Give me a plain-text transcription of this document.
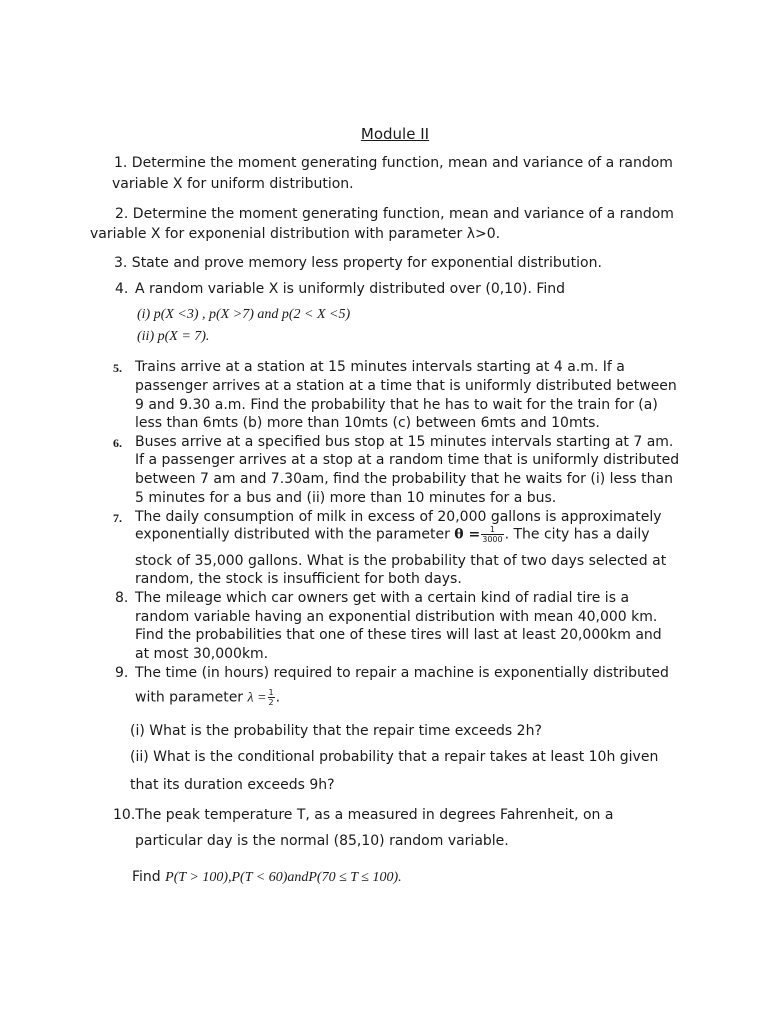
Module II
1. Determine the moment generating function, mean and variance of a random
variable X for uniform distribution.
2. Determine the moment generating function, mean and variance of a random
variable X for exponenial distribution with parameter λ>0.
3. State and prove memory less property for exponential distribution.
4. A random variable X is uniformly distributed over (0,10). Find
(i) p(X <3) , p(X >7) and p(2 < X <5)
(ii) p(X = 7).
5. Trains arrive at a station at 15 minutes intervals starting at 4 a.m. If a
passenger arrives at a station at a time that is uniformly distributed between
9 and 9.30 a.m. Find the probability that he has to wait for the train for (a)
less than 6mts (b) more than 10mts (c) between 6mts and 10mts.
6. Buses arrive at a specified bus stop at 15 minutes intervals starting at 7 am.
If a passenger arrives at a stop at a random time that is uniformly distributed
between 7 am and 7.30am, find the probability that he waits for (i) less than
5 minutes for a bus and (ii) more than 10 minutes for a bus.
7. The daily consumption of milk in excess of 20,000 gallons is approximately
exponentially distributed with the parameter $\theta = \frac{1}{3000}$ . The city has a daily
stock of 35,000 gallons. What is the probability that of two days selected at
random, the stock is insufficient for both days.
8. The mileage which car owners get with a certain kind of radial tire is a
random variable having an exponential distribution with mean 40,000 km.
Find the probabilities that one of these tires will last at least 20,000km and
at most 30,000km.
9. The time (in hours) required to repair a machine is exponentially distributed
with parameter $\lambda = \frac{1}{2}$ .
(i) What is the probability that the repair time exceeds 2h?
(ii) What is the conditional probability that a repair takes at least 10h given
that its duration exceeds 9h?
10.The peak temperature T, as a measured in degrees Fahrenheit, on a
particular day is the normal (85,10) random variable.
Find P(T > 100),P(T < 60)andP(70 ≤ T ≤ 100).
